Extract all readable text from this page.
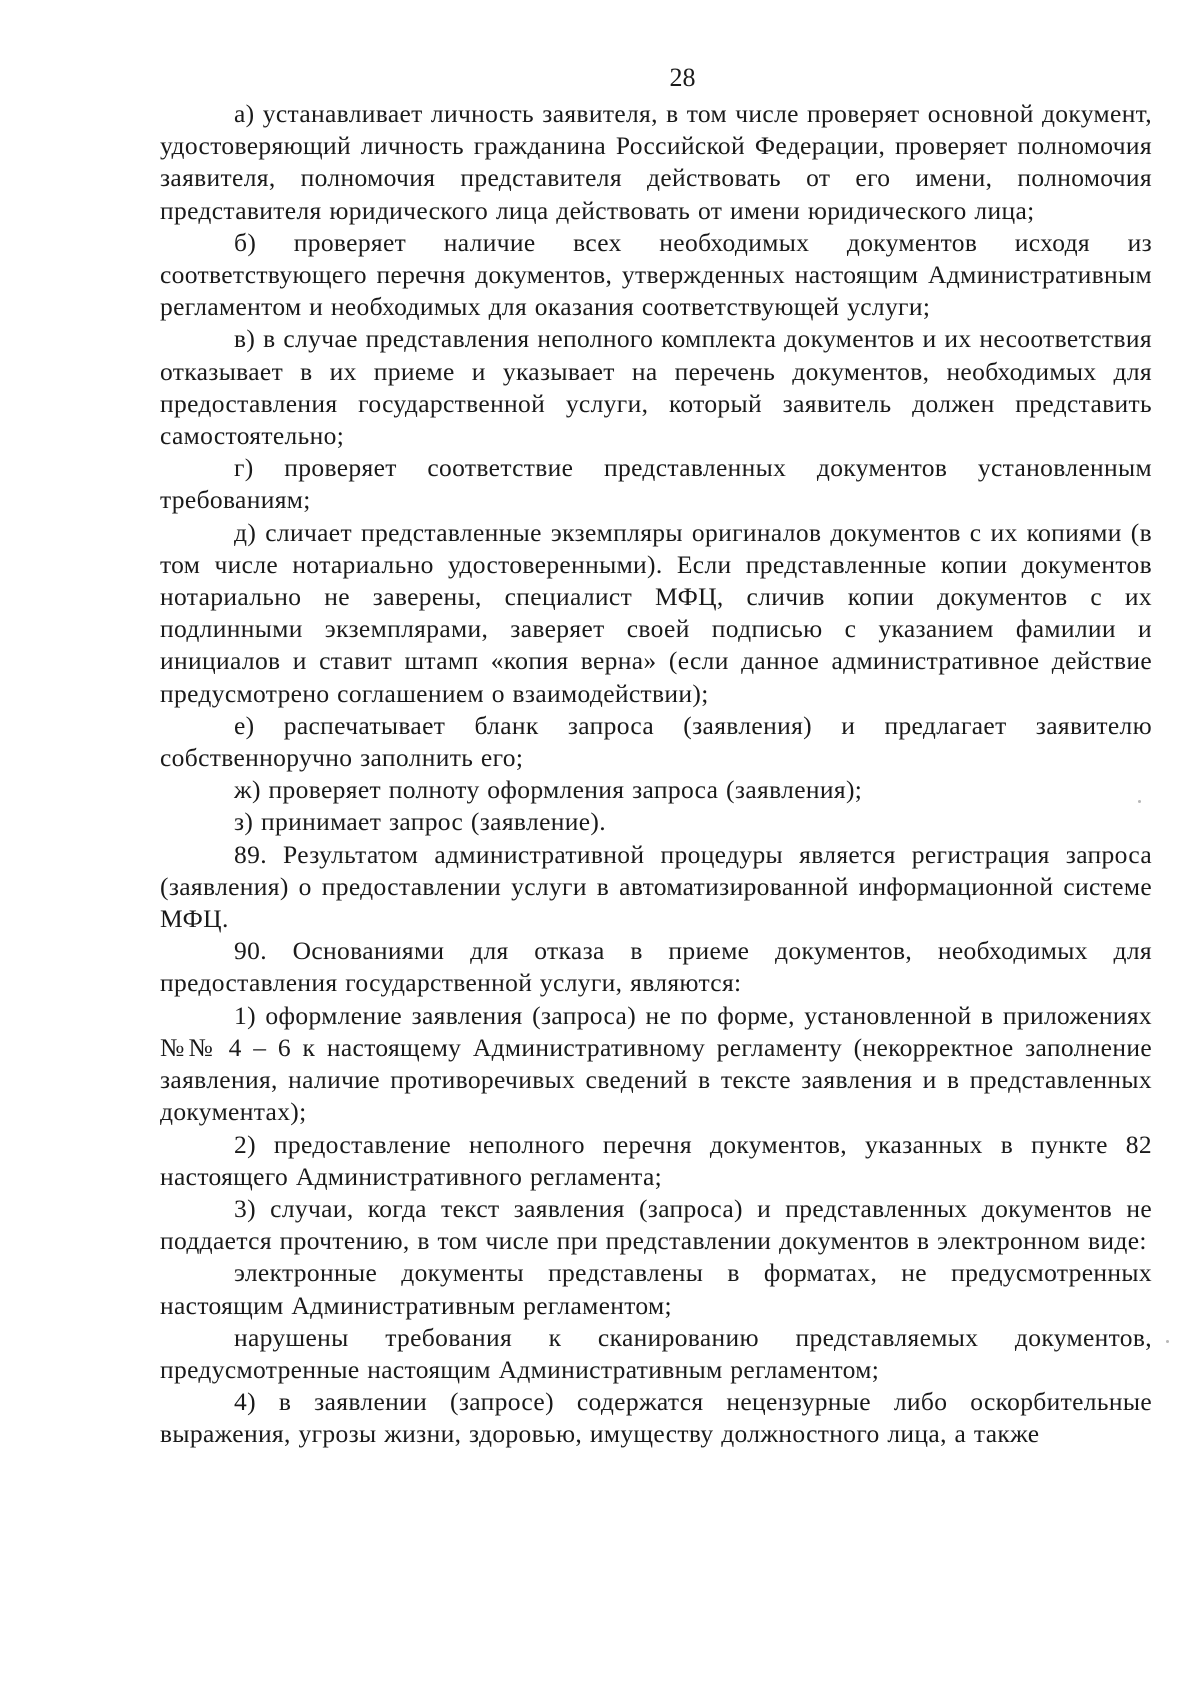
28

а) устанавливает личность заявителя, в том числе проверяет основной документ, удостоверяющий личность гражданина Российской Федерации, проверяет полномочия заявителя, полномочия представителя действовать от его имени, полномочия представителя юридического лица действовать от имени юридического лица;

б) проверяет наличие всех необходимых документов исходя из соответствующего перечня документов, утвержденных настоящим Административным регламентом и необходимых для оказания соответствующей услуги;

в) в случае представления неполного комплекта документов и их несоответствия отказывает в их приеме и указывает на перечень документов, необходимых для предоставления государственной услуги, который заявитель должен представить самостоятельно;

г) проверяет соответствие представленных документов установленным требованиям;

д) сличает представленные экземпляры оригиналов документов с их копиями (в том числе нотариально удостоверенными). Если представленные копии документов нотариально не заверены, специалист МФЦ, сличив копии документов с их подлинными экземплярами, заверяет своей подписью с указанием фамилии и инициалов и ставит штамп «копия верна» (если данное административное действие предусмотрено соглашением о взаимодействии);

е) распечатывает бланк запроса (заявления) и предлагает заявителю собственноручно заполнить его;

ж) проверяет полноту оформления запроса (заявления);

з) принимает запрос (заявление).

89. Результатом административной процедуры является регистрация запроса (заявления) о предоставлении услуги в автоматизированной информационной системе МФЦ.

90. Основаниями для отказа в приеме документов, необходимых для предоставления государственной услуги, являются:

1) оформление заявления (запроса) не по форме, установленной в приложениях №№ 4 – 6 к настоящему Административному регламенту (некорректное заполнение заявления, наличие противоречивых сведений в тексте заявления и в представленных документах);

2) предоставление неполного перечня документов, указанных в пункте 82 настоящего Административного регламента;

3) случаи, когда текст заявления (запроса) и представленных документов не поддается прочтению, в том числе при представлении документов в электронном виде:

электронные документы представлены в форматах, не предусмотренных настоящим Административным регламентом;

нарушены требования к сканированию представляемых документов, предусмотренные настоящим Административным регламентом;

4) в заявлении (запросе) содержатся нецензурные либо оскорбительные выражения, угрозы жизни, здоровью, имуществу должностного лица, а также
